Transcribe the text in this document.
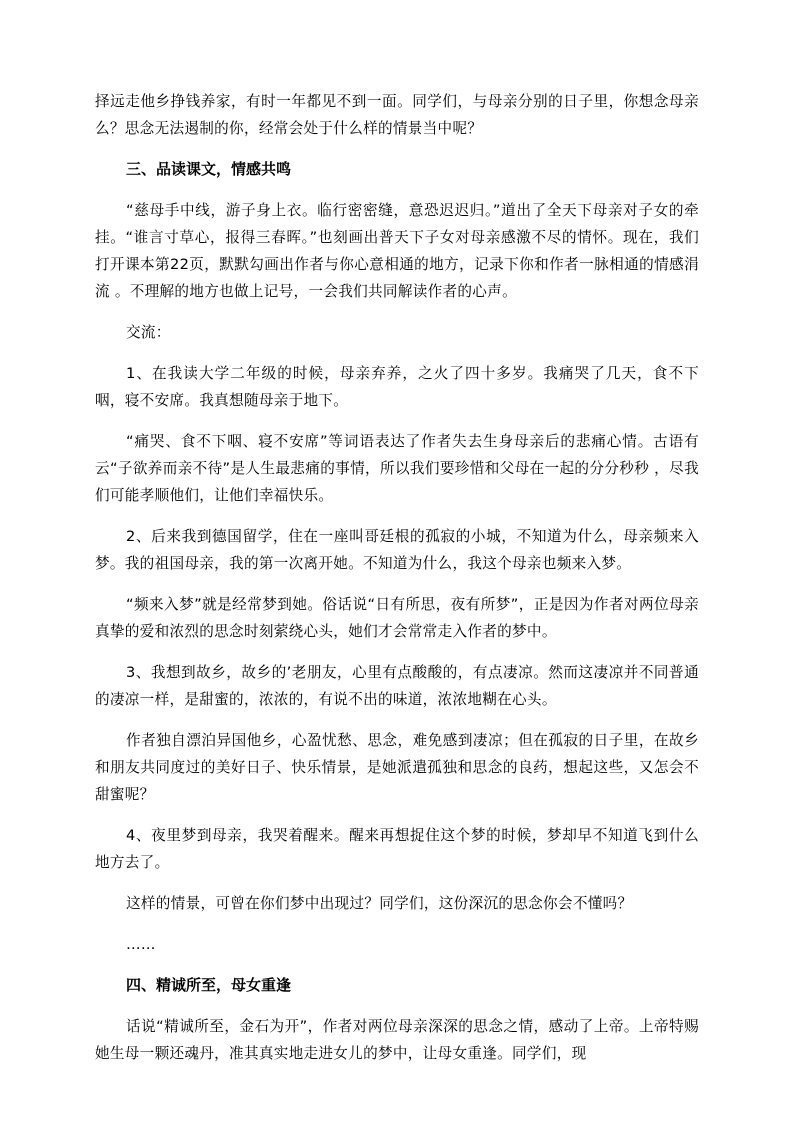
择远走他乡挣钱养家，有时一年都见不到一面。同学们，与母亲分别的日子里，你想念母亲么？思念无法遏制的你，经常会处于什么样的情景当中呢？

三、品读课文，情感共鸣

“慈母手中线，游子身上衣。临行密密缝，意恐迟迟归。”道出了全天下母亲对子女的牵挂。“谁言寸草心，报得三春晖。”也刻画出普天下子女对母亲感激不尽的情怀。现在，我们打开课本第22页，默默勾画出作者与你心意相通的地方，记录下你和作者一脉相通的情感涓流 。不理解的地方也做上记号，一会我们共同解读作者的心声。

交流：

1、在我读大学二年级的时候，母亲弃养，之火了四十多岁。我痛哭了几天，食不下咽，寝不安席。我真想随母亲于地下。

“痛哭、食不下咽、寝不安席”等词语表达了作者失去生身母亲后的悲痛心情。古语有云“子欲养而亲不待”是人生最悲痛的事情，所以我们要珍惜和父母在一起的分分秒秒 ，尽我们可能孝顺他们，让他们幸福快乐。

2、后来我到德国留学，住在一座叫哥廷根的孤寂的小城，不知道为什么，母亲频来入梦。我的祖国母亲，我的第一次离开她。不知道为什么，我这个母亲也频来入梦。

“频来入梦”就是经常梦到她。俗话说“日有所思，夜有所梦”，正是因为作者对两位母亲真挚的爱和浓烈的思念时刻萦绕心头，她们才会常常走入作者的梦中。

3、我想到故乡，故乡的’老朋友，心里有点酸酸的，有点凄凉。然而这凄凉并不同普通的凄凉一样，是甜蜜的，浓浓的，有说不出的味道，浓浓地糊在心头。

作者独自漂泊异国他乡，心盈忧愁、思念，难免感到凄凉；但在孤寂的日子里，在故乡和朋友共同度过的美好日子、快乐情景，是她派遣孤独和思念的良药，想起这些，又怎会不甜蜜呢？

4、夜里梦到母亲，我哭着醒来。醒来再想捉住这个梦的时候，梦却早不知道飞到什么地方去了。

这样的情景，可曾在你们梦中出现过？同学们，这份深沉的思念你会不懂吗？

……

四、精诚所至，母女重逢

话说“精诚所至，金石为开”，作者对两位母亲深深的思念之情，感动了上帝。上帝特赐她生母一颗还魂丹，准其真实地走进女儿的梦中，让母女重逢。同学们，现
